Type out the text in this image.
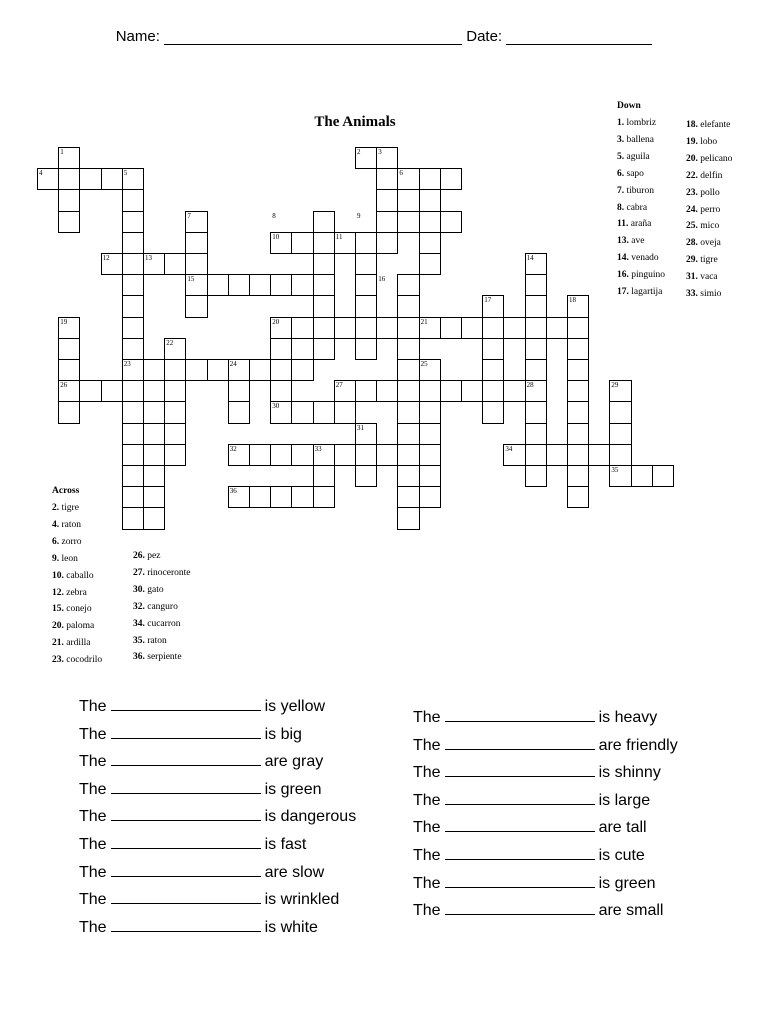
Name:	Date:
The Animals
1	2	3
4	5	6
7	8	9
10	11
12	13	14
15	16
17	18
19	20	21
22
23	24	25
26	27	28	29
30
31
32	33	34
35
36
Down
1. lombriz
3. ballena
5. aguila
6. sapo
7. tiburon
8. cabra
11. araña
13. ave
14. venado
16. pinguino
17. lagartija
18. elefante
19. lobo
20. pelicano
22. delfin
23. pollo
24. perro
25. mico
28. oveja
29. tigre
31. vaca
33. simio
Across
2. tigre
4. raton
6. zorro
9. leon
10. caballo
12. zebra
15. conejo
20. paloma
21. ardilla
23. cocodrilo
26. pez
27. rinoceronte
30. gato
32. canguro
34. cucarron
35. raton
36. serpiente
The	is yellow
The	is big
The	are gray
The	is green
The	is dangerous
The	is fast
The	are slow
The	is wrinkled
The	is white
The	is heavy
The	are friendly
The	is shinny
The	is large
The	are tall
The	is cute
The	is green
The	are small
